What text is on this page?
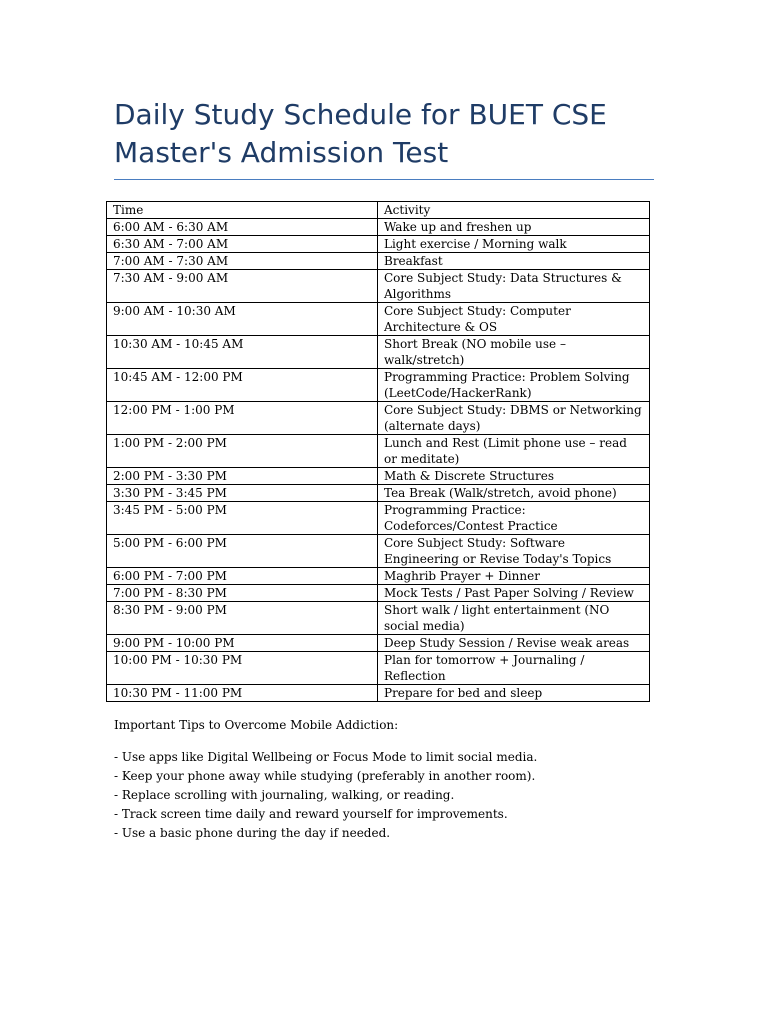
Daily Study Schedule for BUET CSE Master's Admission Test
Time	Activity
6:00 AM - 6:30 AM	Wake up and freshen up
6:30 AM - 7:00 AM	Light exercise / Morning walk
7:00 AM - 7:30 AM	Breakfast
7:30 AM - 9:00 AM	Core Subject Study: Data Structures & Algorithms
9:00 AM - 10:30 AM	Core Subject Study: Computer Architecture & OS
10:30 AM - 10:45 AM	Short Break (NO mobile use – walk/stretch)
10:45 AM - 12:00 PM	Programming Practice: Problem Solving (LeetCode/HackerRank)
12:00 PM - 1:00 PM	Core Subject Study: DBMS or Networking (alternate days)
1:00 PM - 2:00 PM	Lunch and Rest (Limit phone use – read or meditate)
2:00 PM - 3:30 PM	Math & Discrete Structures
3:30 PM - 3:45 PM	Tea Break (Walk/stretch, avoid phone)
3:45 PM - 5:00 PM	Programming Practice: Codeforces/Contest Practice
5:00 PM - 6:00 PM	Core Subject Study: Software Engineering or Revise Today's Topics
6:00 PM - 7:00 PM	Maghrib Prayer + Dinner
7:00 PM - 8:30 PM	Mock Tests / Past Paper Solving / Review
8:30 PM - 9:00 PM	Short walk / light entertainment (NO social media)
9:00 PM - 10:00 PM	Deep Study Session / Revise weak areas
10:00 PM - 10:30 PM	Plan for tomorrow + Journaling / Reflection
10:30 PM - 11:00 PM	Prepare for bed and sleep

Important Tips to Overcome Mobile Addiction:

- Use apps like Digital Wellbeing or Focus Mode to limit social media.
- Keep your phone away while studying (preferably in another room).
- Replace scrolling with journaling, walking, or reading.
- Track screen time daily and reward yourself for improvements.
- Use a basic phone during the day if needed.
